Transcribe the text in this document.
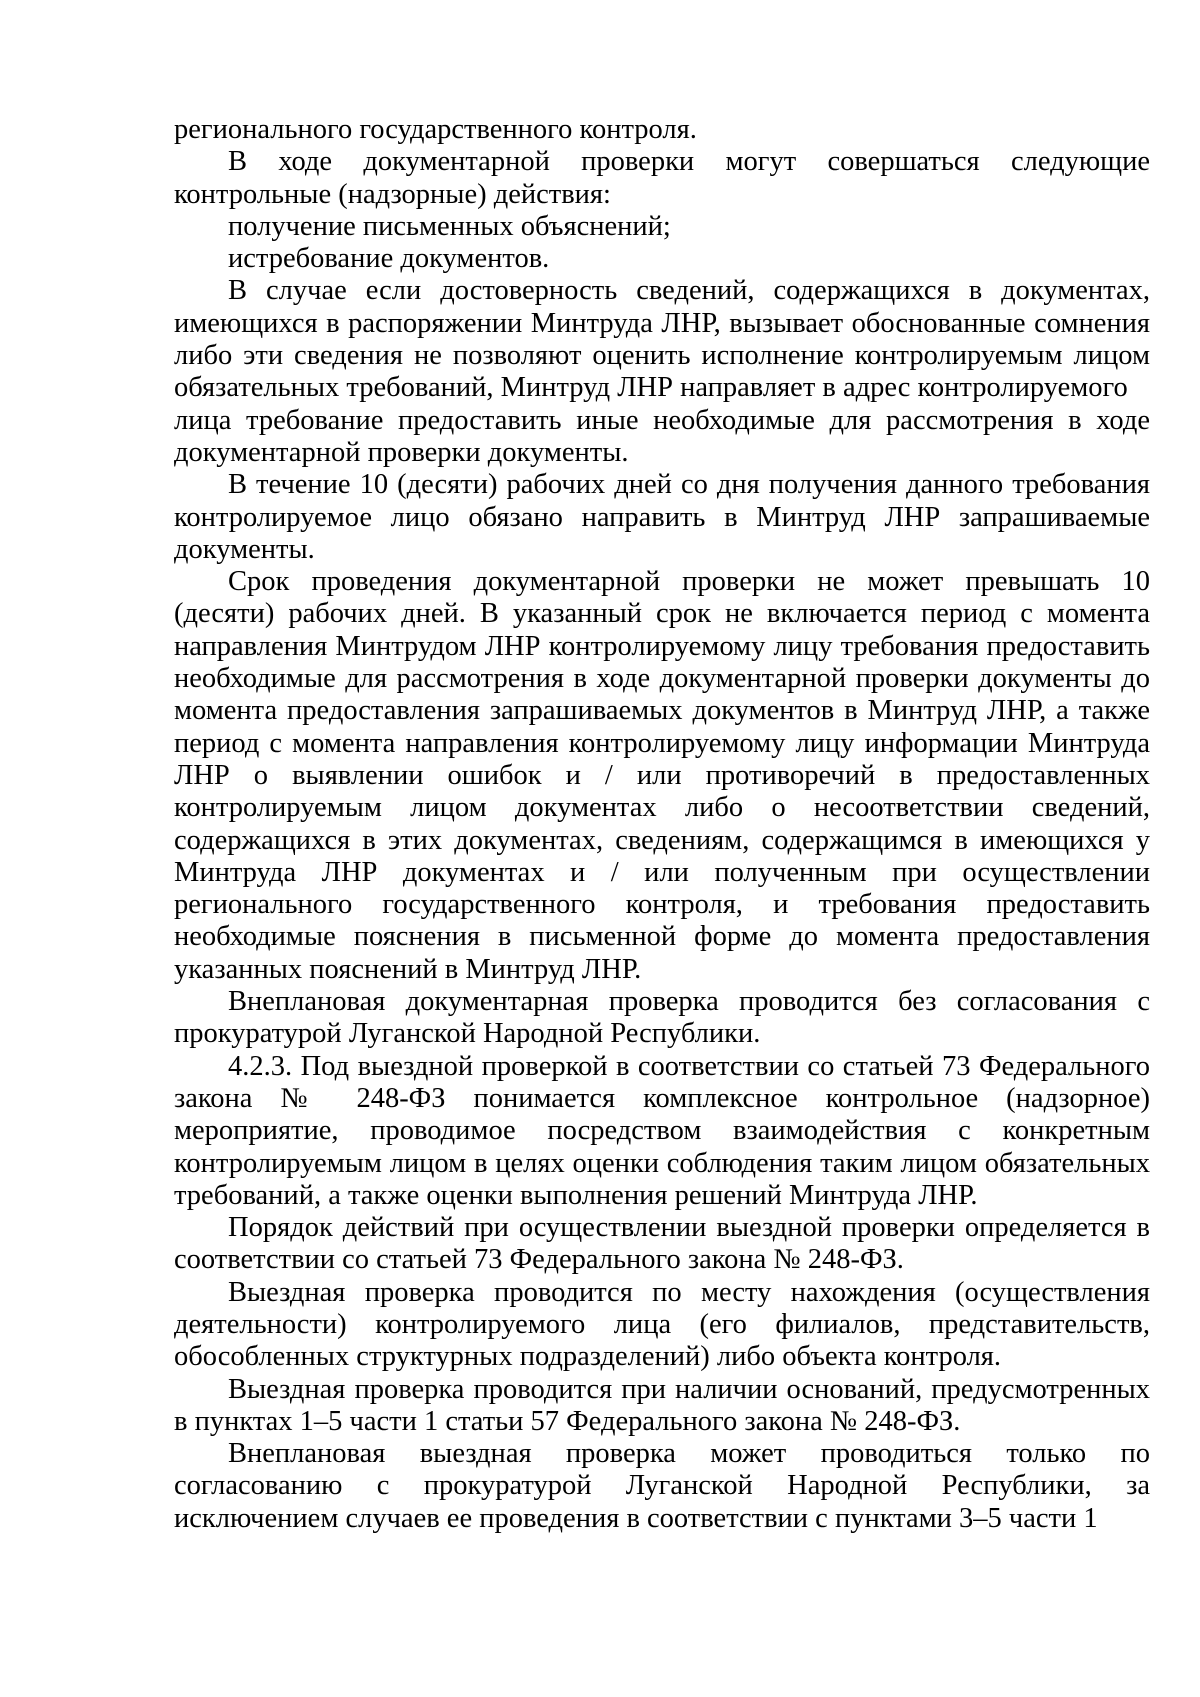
регионального государственного контроля.

В ходе документарной проверки могут совершаться следующие контрольные (надзорные) действия:

получение письменных объяснений;

истребование документов.

В случае если достоверность сведений, содержащихся в документах, имеющихся в распоряжении Минтруда ЛНР, вызывает обоснованные сомнения либо эти сведения не позволяют оценить исполнение контролируемым лицом обязательных требований, Минтруд ЛНР направляет в адрес контролируемого
лица требование предоставить иные необходимые для рассмотрения в ходе документарной проверки документы.

В течение 10 (десяти) рабочих дней со дня получения данного требования контролируемое лицо обязано направить в Минтруд ЛНР запрашиваемые документы.

Срок проведения документарной проверки не может превышать 10 (десяти) рабочих дней. В указанный срок не включается период с момента направления Минтрудом ЛНР контролируемому лицу требования предоставить необходимые для рассмотрения в ходе документарной проверки документы до момента предоставления запрашиваемых документов в Минтруд ЛНР, а также период с момента направления контролируемому лицу информации Минтруда ЛНР о выявлении ошибок и / или противоречий в предоставленных контролируемым лицом документах либо о несоответствии сведений, содержащихся в этих документах, сведениям, содержащимся в имеющихся у Минтруда ЛНР документах и / или полученным при осуществлении регионального государственного контроля, и требования предоставить необходимые пояснения в письменной форме до момента предоставления указанных пояснений в Минтруд ЛНР.

Внеплановая документарная проверка проводится без согласования с прокуратурой Луганской Народной Республики.

4.2.3. Под выездной проверкой в соответствии со статьей 73 Федерального закона № 248-ФЗ понимается комплексное контрольное (надзорное) мероприятие, проводимое посредством взаимодействия с конкретным контролируемым лицом в целях оценки соблюдения таким лицом обязательных требований, а также оценки выполнения решений Минтруда ЛНР.

Порядок действий при осуществлении выездной проверки определяется в соответствии со статьей 73 Федерального закона № 248-ФЗ.

Выездная проверка проводится по месту нахождения (осуществления деятельности) контролируемого лица (его филиалов, представительств, обособленных структурных подразделений) либо объекта контроля.

Выездная проверка проводится при наличии оснований, предусмотренных в пунктах 1–5 части 1 статьи 57 Федерального закона № 248-ФЗ.

Внеплановая выездная проверка может проводиться только по согласованию с прокуратурой Луганской Народной Республики, за исключением случаев ее проведения в соответствии с пунктами 3–5 части 1
